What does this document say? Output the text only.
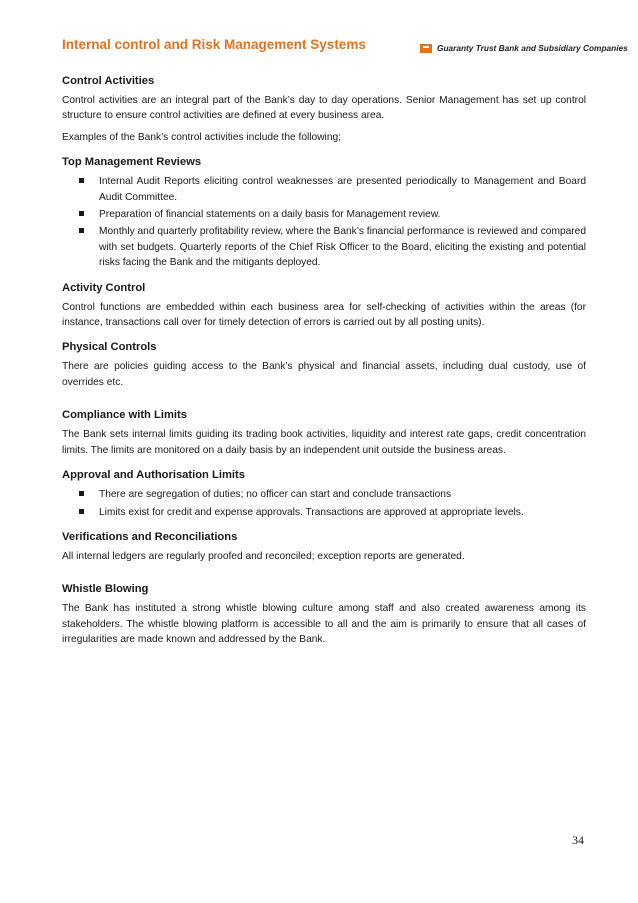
Internal control and Risk Management Systems	Guaranty Trust Bank and Subsidiary Companies
Control Activities

Control activities are an integral part of the Bank’s day to day operations. Senior Management has set up control structure to ensure control activities are defined at every business area.

Examples of the Bank’s control activities include the following;

Top Management Reviews
Internal Audit Reports eliciting control weaknesses are presented periodically to Management and Board Audit Committee.
Preparation of financial statements on a daily basis for Management review.
Monthly and quarterly profitability review, where the Bank’s financial performance is reviewed and compared with set budgets. Quarterly reports of the Chief Risk Officer to the Board, eliciting the existing and potential risks facing the Bank and the mitigants deployed.
Activity Control

Control functions are embedded within each business area for self-checking of activities within the areas (for instance, transactions call over for timely detection of errors is carried out by all posting units).

Physical Controls

There are policies guiding access to the Bank’s physical and financial assets, including dual custody, use of overrides etc.

Compliance with Limits

The Bank sets internal limits guiding its trading book activities, liquidity and interest rate gaps, credit concentration limits. The limits are monitored on a daily basis by an independent unit outside the business areas.

Approval and Authorisation Limits
There are segregation of duties; no officer can start and conclude transactions
Limits exist for credit and expense approvals. Transactions are approved at appropriate levels.
Verifications and Reconciliations

All internal ledgers are regularly proofed and reconciled; exception reports are generated.

Whistle Blowing

The Bank has instituted a strong whistle blowing culture among staff and also created awareness among its stakeholders. The whistle blowing platform is accessible to all and the aim is primarily to ensure that all cases of irregularities are made known and addressed by the Bank.

34
